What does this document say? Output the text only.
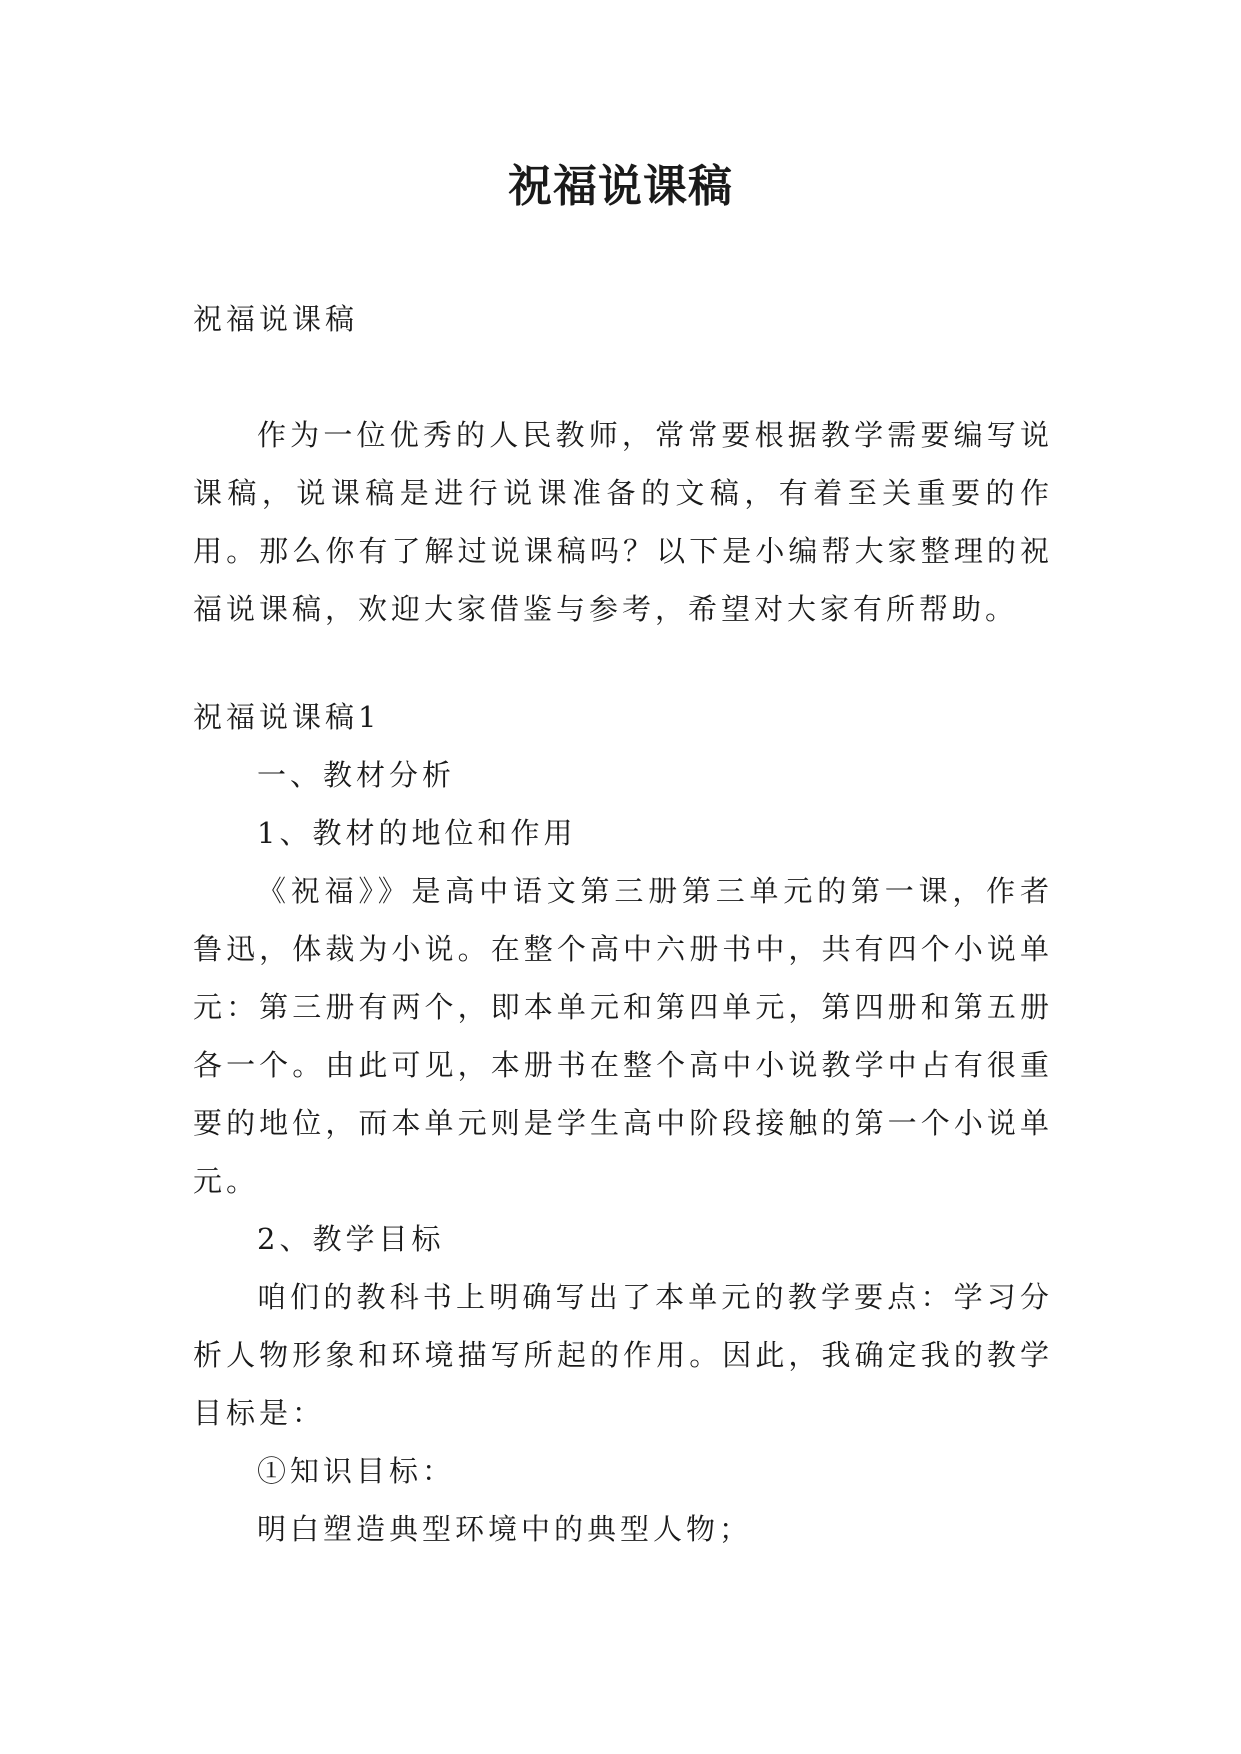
祝福说课稿

祝福说课稿

作为一位优秀的人民教师，常常要根据教学需要编写说课稿，说课稿是进行说课准备的文稿，有着至关重要的作用。那么你有了解过说课稿吗？以下是小编帮大家整理的祝福说课稿，欢迎大家借鉴与参考，希望对大家有所帮助。

祝福说课稿1

一、教材分析

1、教材的地位和作用

《祝福》》是高中语文第三册第三单元的第一课，作者鲁迅，体裁为小说。在整个高中六册书中，共有四个小说单元：第三册有两个，即本单元和第四单元，第四册和第五册各一个。由此可见，本册书在整个高中小说教学中占有很重要的地位，而本单元则是学生高中阶段接触的第一个小说单元。

2、教学目标

咱们的教科书上明确写出了本单元的教学要点：学习分析人物形象和环境描写所起的作用。因此，我确定我的教学目标是：

①知识目标：

明白塑造典型环境中的典型人物；
